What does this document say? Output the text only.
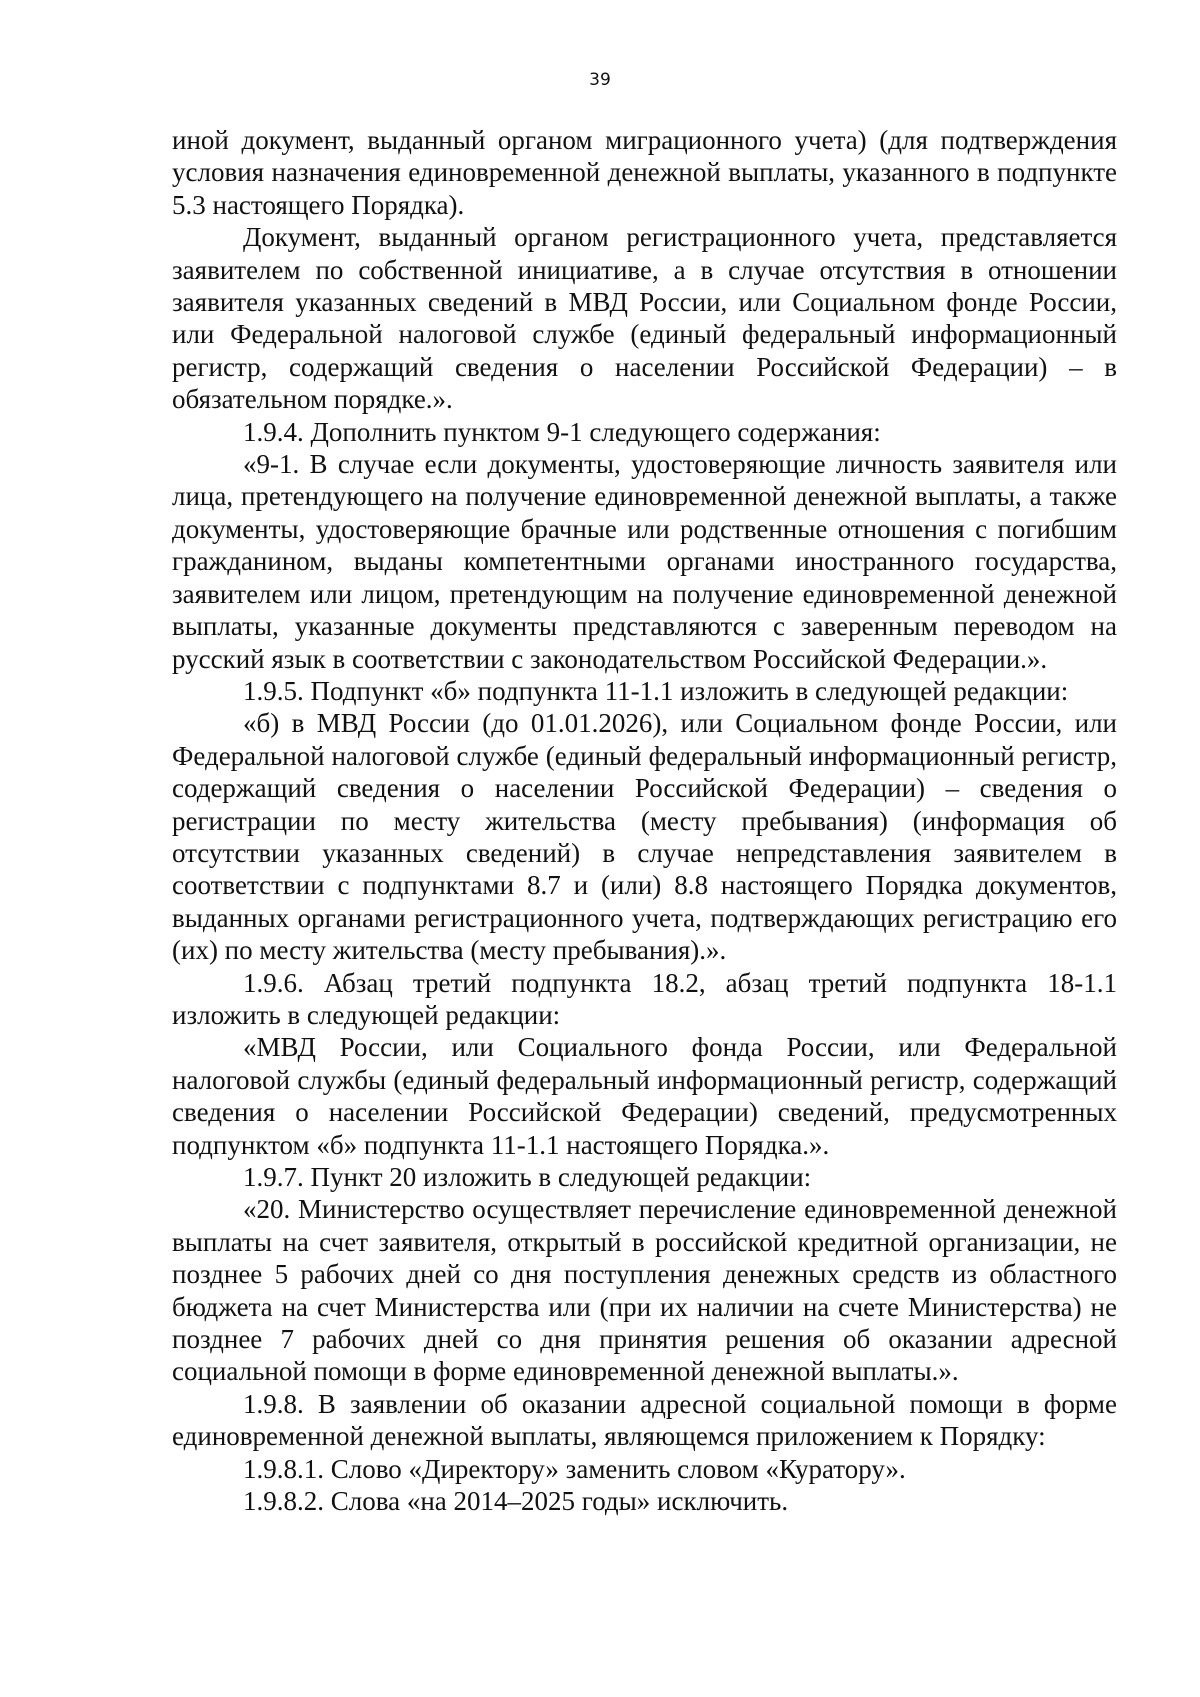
39

иной документ, выданный органом миграционного учета) (для подтверждения условия назначения единовременной денежной выплаты, указанного в подпункте 5.3 настоящего Порядка).

Документ, выданный органом регистрационного учета, представляется заявителем по собственной инициативе, а в случае отсутствия в отношении заявителя указанных сведений в МВД России, или Социальном фонде России, или Федеральной налоговой службе (единый федеральный информационный регистр, содержащий сведения о населении Российской Федерации) – в обязательном порядке.».

1.9.4. Дополнить пунктом 9-1 следующего содержания:

«9-1. В случае если документы, удостоверяющие личность заявителя или лица, претендующего на получение единовременной денежной выплаты, а также документы, удостоверяющие брачные или родственные отношения с погибшим гражданином, выданы компетентными органами иностранного государства, заявителем или лицом, претендующим на получение единовременной денежной выплаты, указанные документы представляются с заверенным переводом на русский язык в соответствии с законодательством Российской Федерации.».

1.9.5. Подпункт «б» подпункта 11-1.1 изложить в следующей редакции:

«б) в МВД России (до 01.01.2026), или Социальном фонде России, или Федеральной налоговой службе (единый федеральный информационный регистр, содержащий сведения о населении Российской Федерации) – сведения о регистрации по месту жительства (месту пребывания) (информация об отсутствии указанных сведений) в случае непредставления заявителем в соответствии с подпунктами 8.7 и (или) 8.8 настоящего Порядка документов, выданных органами регистрационного учета, подтверждающих регистрацию его (их) по месту жительства (месту пребывания).».

1.9.6. Абзац третий подпункта 18.2, абзац третий подпункта 18-1.1 изложить в следующей редакции:

«МВД России, или Социального фонда России, или Федеральной налоговой службы (единый федеральный информационный регистр, содержащий сведения о населении Российской Федерации) сведений, предусмотренных подпунктом «б» подпункта 11-1.1 настоящего Порядка.».

1.9.7. Пункт 20 изложить в следующей редакции:

«20. Министерство осуществляет перечисление единовременной денежной выплаты на счет заявителя, открытый в российской кредитной организации, не позднее 5 рабочих дней со дня поступления денежных средств из областного бюджета на счет Министерства или (при их наличии на счете Министерства) не позднее 7 рабочих дней со дня принятия решения об оказании адресной социальной помощи в форме единовременной денежной выплаты.».

1.9.8. В заявлении об оказании адресной социальной помощи в форме единовременной денежной выплаты, являющемся приложением к Порядку:

1.9.8.1. Слово «Директору» заменить словом «Куратору».

1.9.8.2. Слова «на 2014–2025 годы» исключить.
